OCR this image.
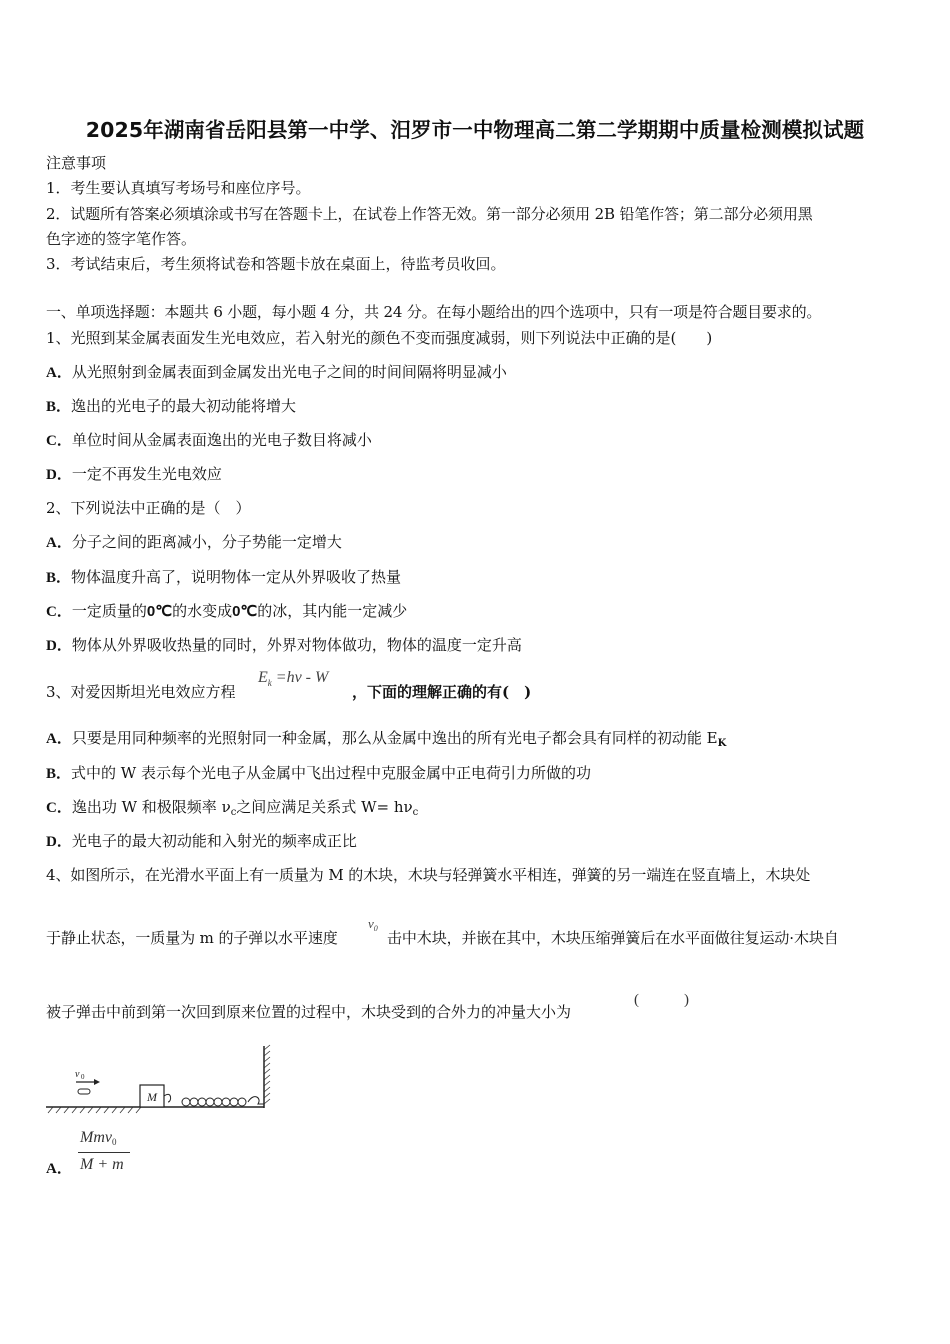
2025年湖南省岳阳县第一中学、汨罗市一中物理高二第二学期期中质量检测模拟试题
注意事项
1．考生要认真填写考场号和座位序号。
2．试题所有答案必须填涂或书写在答题卡上，在试卷上作答无效。第一部分必须用 2B 铅笔作答；第二部分必须用黑
色字迹的签字笔作答。
3．考试结束后，考生须将试卷和答题卡放在桌面上，待监考员收回。
一、单项选择题：本题共 6 小题，每小题 4 分，共 24 分。在每小题给出的四个选项中，只有一项是符合题目要求的。
1、光照到某金属表面发生光电效应，若入射光的颜色不变而强度减弱，则下列说法中正确的是(　　)
A．从光照射到金属表面到金属发出光电子之间的时间间隔将明显减小
B．逸出的光电子的最大初动能将增大
C．单位时间从金属表面逸出的光电子数目将减小
D．一定不再发生光电效应
2、下列说法中正确的是（　）
A．分子之间的距离减小，分子势能一定增大
B．物体温度升高了，说明物体一定从外界吸收了热量
C．一定质量的0℃的水变成0℃的冰，其内能一定减少
D．物体从外界吸收热量的同时，外界对物体做功，物体的温度一定升高
3、对爱因斯坦光电效应方程
$E_k =h\nu - W$
，下面的理解正确的有(　)
A．只要是用同种频率的光照射同一种金属，那么从金属中逸出的所有光电子都会具有同样的初动能 $E_K$
B．式中的 W 表示每个光电子从金属中飞出过程中克服金属中正电荷引力所做的功
C．逸出功 W 和极限频率 $\nu_c$之间应满足关系式 $W= h\nu_c$
D．光电子的最大初动能和入射光的频率成正比
4、如图所示，在光滑水平面上有一质量为 M 的木块，木块与轻弹簧水平相连，弹簧的另一端连在竖直墙上，木块处
于静止状态，一质量为 m 的子弹以水平速度
$v_0$
击中木块，并嵌在其中，木块压缩弹簧后在水平面做往复运动·木块自
被子弹击中前到第一次回到原来位置的过程中，木块受到的合外力的冲量大小为
(　　　)
v 0
M
A．
Mmv0
M + m
